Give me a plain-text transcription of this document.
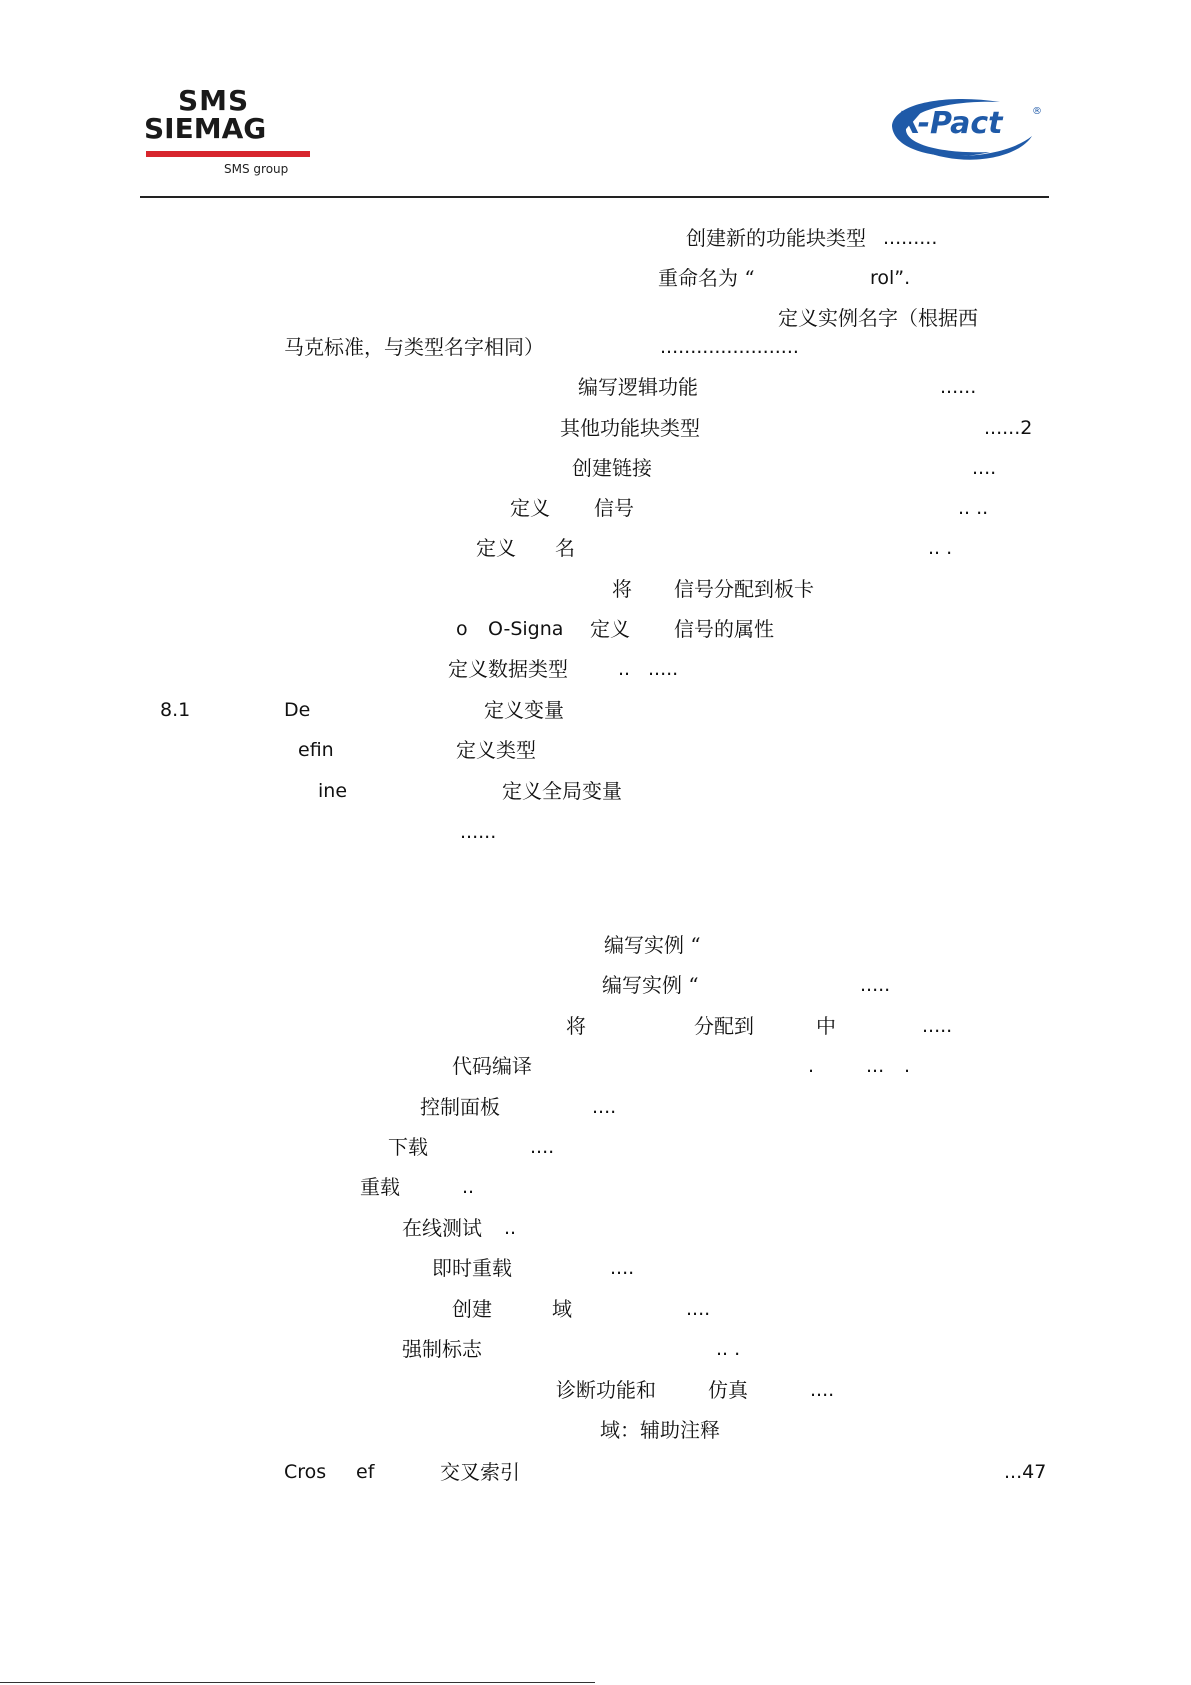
SMS
SIEMAG
SMS group
X-Pact	®
创建新的功能块类型 .........
重命名为 “	rol”.
定义实例名字（根据西
马克标准，与类型名字相同）	.......................
编写逻辑功能	......
其他功能块类型	......2
创建链接	....
定义 信号	.. ..
定义 名	.. .
将 信号分配到板卡
o O-Signa 定义 信号的属性
定义数据类型	.. .....
8.1	De	定义变量
efin	定义类型
ine	定义全局变量
......
编写实例 “
编写实例 “	.....
将	分配到	中	.....
代码编译	.	... .
控制面板	....
下载	....
重载	..
在线测试 ..
即时重载	....
创建	域	....
强制标志	.. .
诊断功能和	仿真	....
域：辅助注释
Cros ef	交叉索引	...47
